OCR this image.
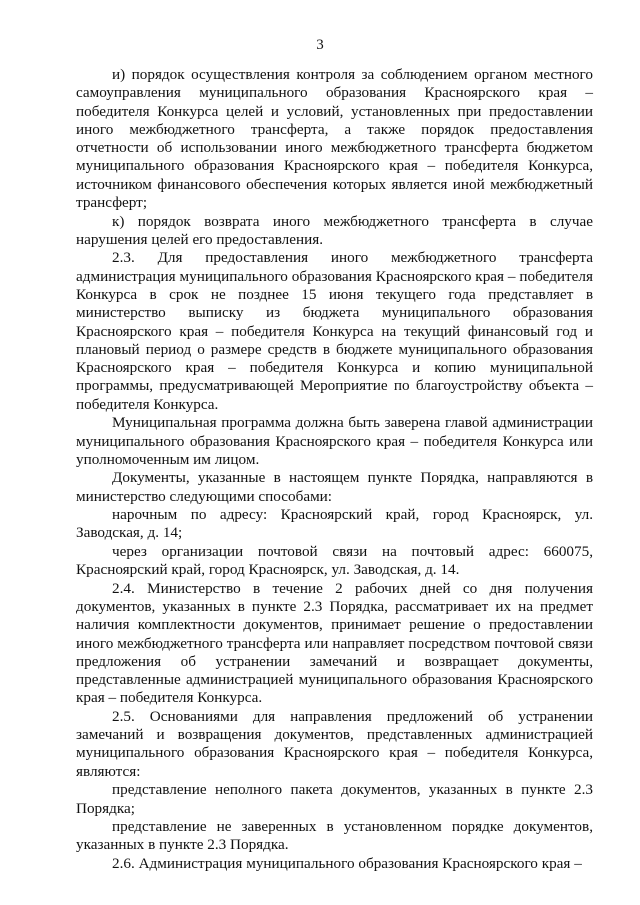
3

и) порядок осуществления контроля за соблюдением органом местного самоуправления муниципального образования Красноярского края – победителя Конкурса целей и условий, установленных при предоставлении иного межбюджетного трансферта, а также порядок предоставления отчетности об использовании иного межбюджетного трансферта бюджетом муниципального образования Красноярского края – победителя Конкурса, источником финансового обеспечения которых является иной межбюджетный трансферт;

к) порядок возврата иного межбюджетного трансферта в случае нарушения целей его предоставления.

2.3. Для предоставления иного межбюджетного трансферта администрация муниципального образования Красноярского края – победителя Конкурса в срок не позднее 15 июня текущего года представляет в министерство выписку из бюджета муниципального образования Красноярского края – победителя Конкурса на текущий финансовый год и плановый период о размере средств в бюджете муниципального образования Красноярского края – победителя Конкурса и копию муниципальной программы, предусматривающей Мероприятие по благоустройству объекта – победителя Конкурса.

Муниципальная программа должна быть заверена главой администрации муниципального образования Красноярского края – победителя Конкурса или уполномоченным им лицом.

Документы, указанные в настоящем пункте Порядка, направляются в министерство следующими способами:

нарочным по адресу: Красноярский край, город Красноярск, ул. Заводская, д. 14;

через организации почтовой связи на почтовый адрес: 660075, Красноярский край, город Красноярск, ул. Заводская, д. 14.

2.4. Министерство в течение 2 рабочих дней со дня получения документов, указанных в пункте 2.3 Порядка, рассматривает их на предмет наличия комплектности документов, принимает решение о предоставлении иного межбюджетного трансферта или направляет посредством почтовой связи предложения об устранении замечаний и возвращает документы, представленные администрацией муниципального образования Красноярского края – победителя Конкурса.

2.5. Основаниями для направления предложений об устранении замечаний и возвращения документов, представленных администрацией муниципального образования Красноярского края – победителя Конкурса, являются:

представление неполного пакета документов, указанных в пункте 2.3 Порядка;

представление не заверенных в установленном порядке документов, указанных в пункте 2.3 Порядка.

2.6. Администрация муниципального образования Красноярского края –
